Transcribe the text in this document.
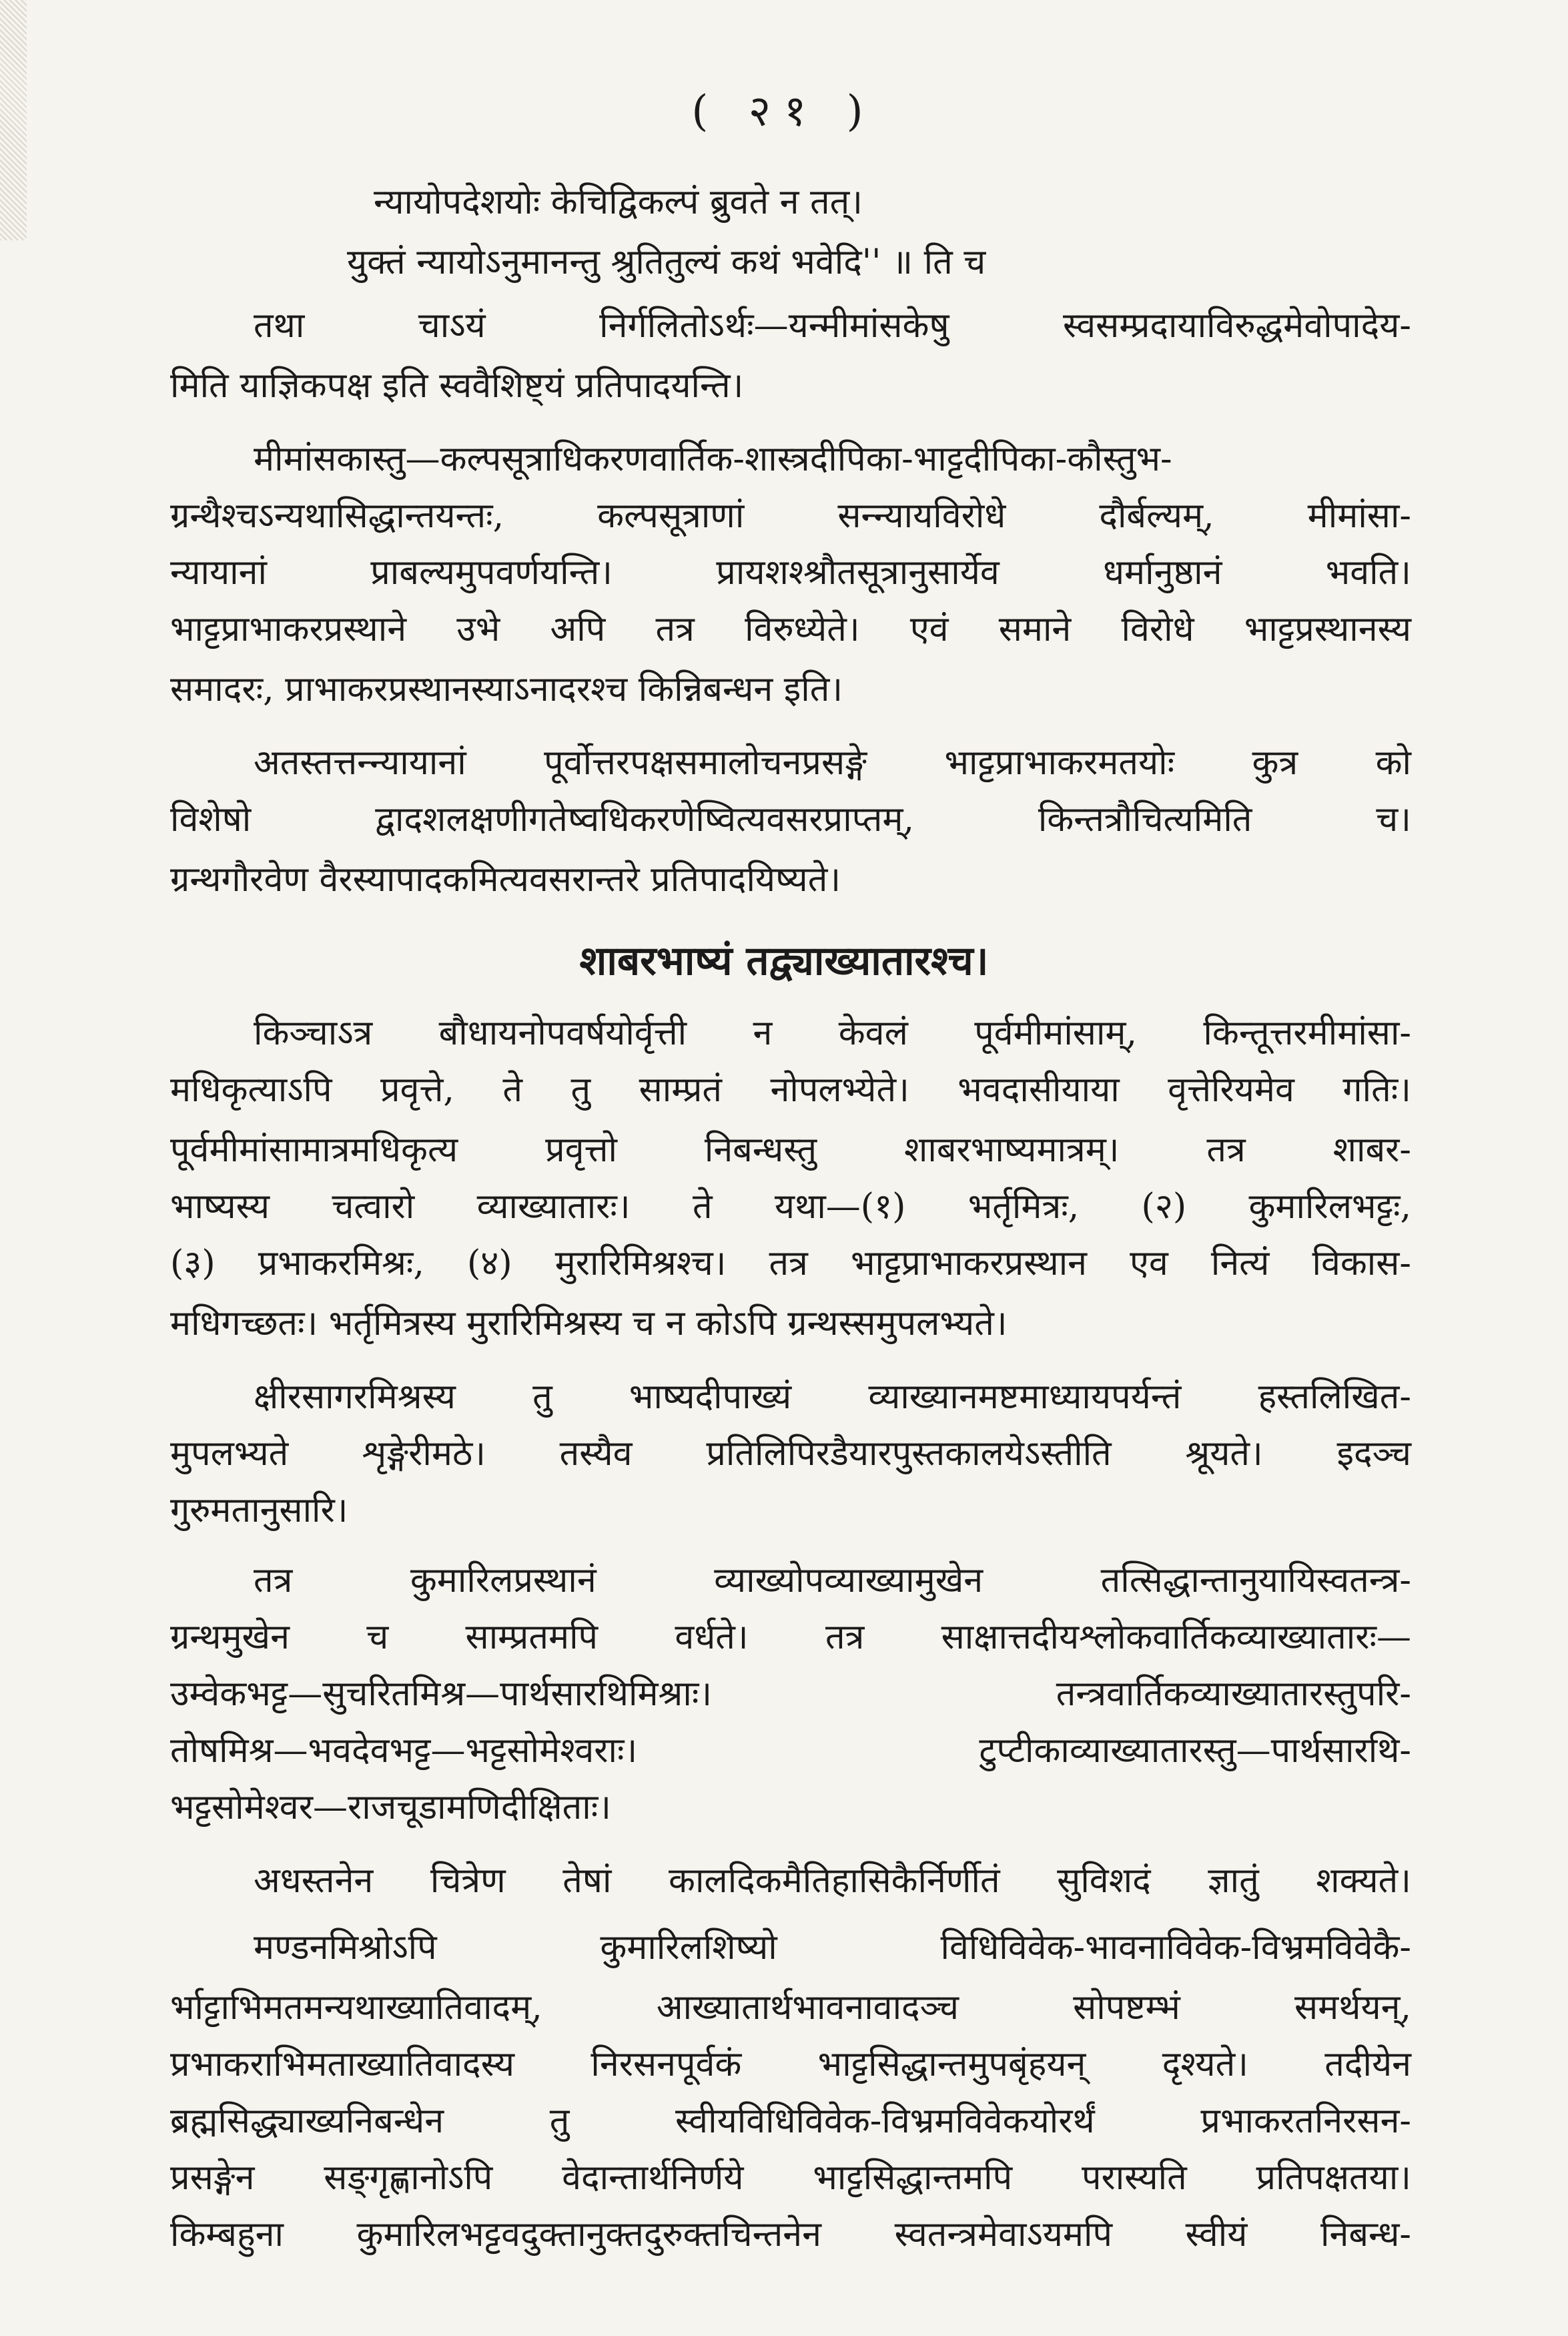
( २१ )
न्यायोपदेशयोः केचिद्विकल्पं ब्रुवते न तत्।
युक्तं न्यायोऽनुमानन्तु श्रुतितुल्यं कथं भवेदि'' ॥ ति च
तथा चाऽयं निर्गलितोऽर्थः—यन्मीमांसकेषु स्वसम्प्रदायाविरुद्धमेवोपादेय-
मिति याज्ञिकपक्ष इति स्ववैशिष्ट्यं प्रतिपादयन्ति।
मीमांसकास्तु—कल्पसूत्राधिकरणवार्तिक-शास्त्रदीपिका-भाट्टदीपिका-कौस्तुभ-
ग्रन्थैश्चऽन्यथासिद्धान्तयन्तः, कल्पसूत्राणां सन्न्यायविरोधे दौर्बल्यम्, मीमांसा-
न्यायानां प्राबल्यमुपवर्णयन्ति। प्रायशश्श्रौतसूत्रानुसार्येव धर्मानुष्ठानं भवति।
भाट्टप्राभाकरप्रस्थाने उभे अपि तत्र विरुध्येते। एवं समाने विरोधे भाट्टप्रस्थानस्य
समादरः, प्राभाकरप्रस्थानस्याऽनादरश्च किन्निबन्धन इति।
अतस्तत्तन्न्यायानां पूर्वोत्तरपक्षसमालोचनप्रसङ्गे भाट्टप्राभाकरमतयोः कुत्र को
विशेषो द्वादशलक्षणीगतेष्वधिकरणेष्वित्यवसरप्राप्तम्, किन्तत्रौचित्यमिति च।
ग्रन्थगौरवेण वैरस्यापादकमित्यवसरान्तरे प्रतिपादयिष्यते।
शाबरभाष्यं तद्व्याख्यातारश्च।
किञ्चाऽत्र बौधायनोपवर्षयोर्वृत्ती न केवलं पूर्वमीमांसाम्, किन्तूत्तरमीमांसा-
मधिकृत्याऽपि प्रवृत्ते, ते तु साम्प्रतं नोपलभ्येते। भवदासीयाया वृत्तेरियमेव गतिः।
पूर्वमीमांसामात्रमधिकृत्य प्रवृत्तो निबन्धस्तु शाबरभाष्यमात्रम्। तत्र शाबर-
भाष्यस्य चत्वारो व्याख्यातारः। ते यथा—(१) भर्तृमित्रः, (२) कुमारिलभट्टः,
(३) प्रभाकरमिश्रः, (४) मुरारिमिश्रश्च। तत्र भाट्टप्राभाकरप्रस्थान एव नित्यं विकास-
मधिगच्छतः। भर्तृमित्रस्य मुरारिमिश्रस्य च न कोऽपि ग्रन्थस्समुपलभ्यते।
क्षीरसागरमिश्रस्य तु भाष्यदीपाख्यं व्याख्यानमष्टमाध्यायपर्यन्तं हस्तलिखित-
मुपलभ्यते शृङ्गेरीमठे। तस्यैव प्रतिलिपिरडैयारपुस्तकालयेऽस्तीति श्रूयते। इदञ्च
गुरुमतानुसारि।
तत्र कुमारिलप्रस्थानं व्याख्योपव्याख्यामुखेन तत्सिद्धान्तानुयायिस्वतन्त्र-
ग्रन्थमुखेन च साम्प्रतमपि वर्धते। तत्र साक्षात्तदीयश्लोकवार्तिकव्याख्यातारः—
उम्वेकभट्ट—सुचरितमिश्र—पार्थसारथिमिश्राः। तन्त्रवार्तिकव्याख्यातारस्तुपरि-
तोषमिश्र—भवदेवभट्ट—भट्टसोमेश्वराः। टुप्टीकाव्याख्यातारस्तु—पार्थसारथि-
भट्टसोमेश्वर—राजचूडामणिदीक्षिताः।
अधस्तनेन चित्रेण तेषां कालदिकमैतिहासिकैर्निर्णीतं सुविशदं ज्ञातुं शक्यते।
मण्डनमिश्रोऽपि कुमारिलशिष्यो विधिविवेक-भावनाविवेक-विभ्रमविवेकै-
र्भाट्टाभिमतमन्यथाख्यातिवादम्, आख्यातार्थभावनावादञ्च सोपष्टम्भं समर्थयन्,
प्रभाकराभिमताख्यातिवादस्य निरसनपूर्वकं भाट्टसिद्धान्तमुपबृंहयन् दृश्यते। तदीयेन
ब्रह्मसिद्ध्याख्यनिबन्धेन तु स्वीयविधिविवेक-विभ्रमविवेकयोरर्थं प्रभाकरतनिरसन-
प्रसङ्गेन सङ्गृह्णानोऽपि वेदान्तार्थनिर्णये भाट्टसिद्धान्तमपि परास्यति प्रतिपक्षतया।
किम्बहुना कुमारिलभट्टवदुक्तानुक्तदुरुक्तचिन्तनेन स्वतन्त्रमेवाऽयमपि स्वीयं निबन्ध-
